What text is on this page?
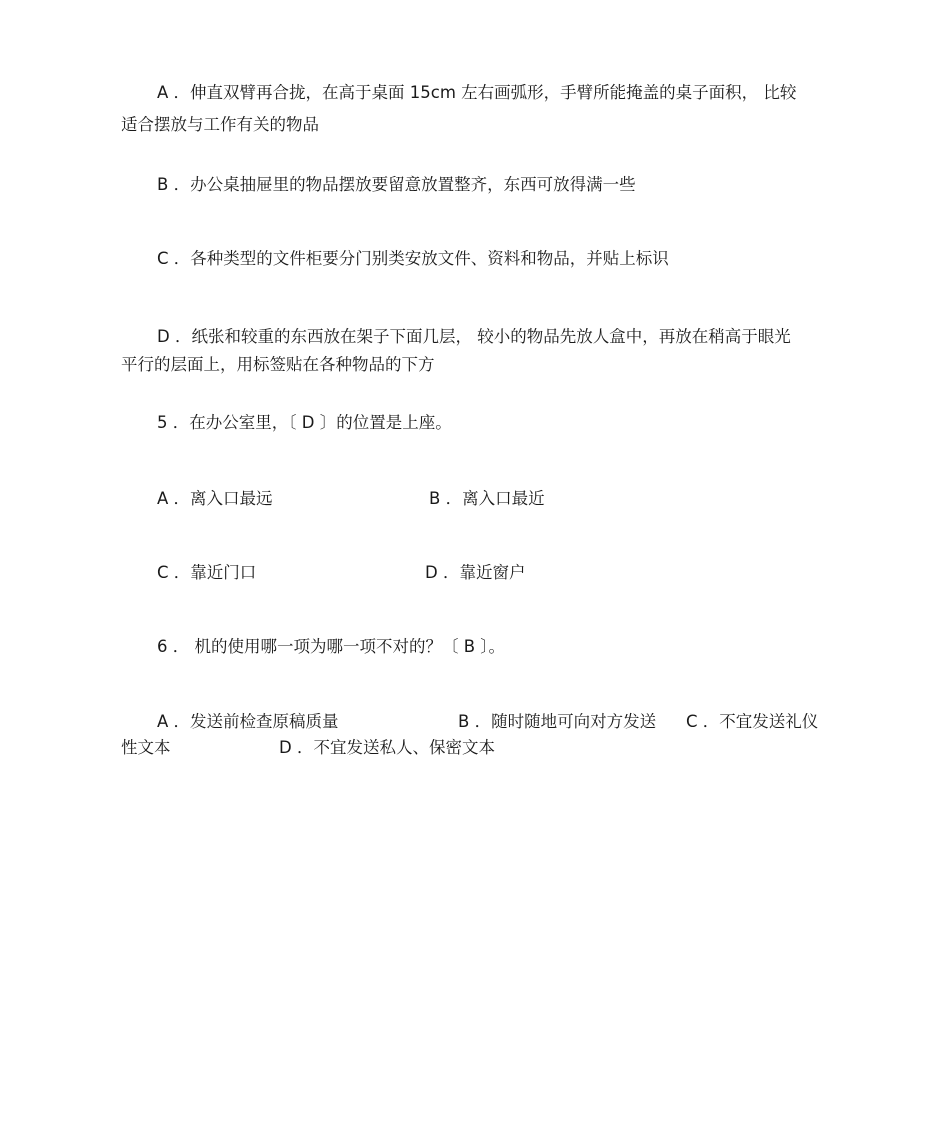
A ．伸直双臂再合拢，在高于桌面 15cm 左右画弧形，手臂所能掩盖的桌子面积， 比较
适合摆放与工作有关的物品
B ．办公桌抽屉里的物品摆放要留意放置整齐，东西可放得满一些
C ．各种类型的文件柜要分门别类安放文件、资料和物品，并贴上标识
D ．纸张和较重的东西放在架子下面几层， 较小的物品先放人盒中，再放在稍高于眼光
平行的层面上，用标签贴在各种物品的下方
5 ．在办公室里，〔 D 〕的位置是上座。
A ．离入口最远	B ．离入口最近
C ．靠近门口	D ．靠近窗户
6 ． 机的使用哪一项为哪一项不对的？〔 B 〕。
A ．发送前检查原稿质量	B ．随时随地可向对方发送 C ．不宜发送礼仪
性文本	D ．不宜发送私人、保密文本
